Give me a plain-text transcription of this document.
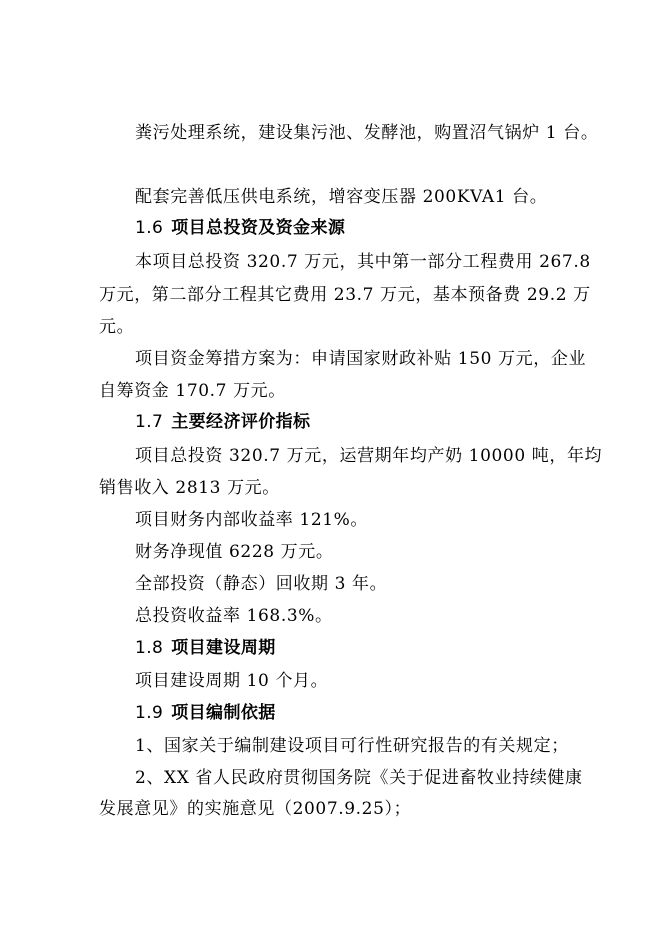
粪污处理系统，建设集污池、发酵池，购置沼气锅炉 1 台。
配套完善低压供电系统，增容变压器 200KVA1 台。
1.6 项目总投资及资金来源
本项目总投资 320.7 万元，其中第一部分工程费用 267.8
万元，第二部分工程其它费用 23.7 万元，基本预备费 29.2 万
元。
项目资金筹措方案为：申请国家财政补贴 150 万元，企业
自筹资金 170.7 万元。
1.7 主要经济评价指标
项目总投资 320.7 万元，运营期年均产奶 10000 吨，年均
销售收入 2813 万元。
项目财务内部收益率 121%。
财务净现值 6228 万元。
全部投资（静态）回收期 3 年。
总投资收益率 168.3%。
1.8 项目建设周期
项目建设周期 10 个月。
1.9 项目编制依据
1、国家关于编制建设项目可行性研究报告的有关规定；
2、XX 省人民政府贯彻国务院《关于促进畜牧业持续健康
发展意见》的实施意见（2007.9.25）；
